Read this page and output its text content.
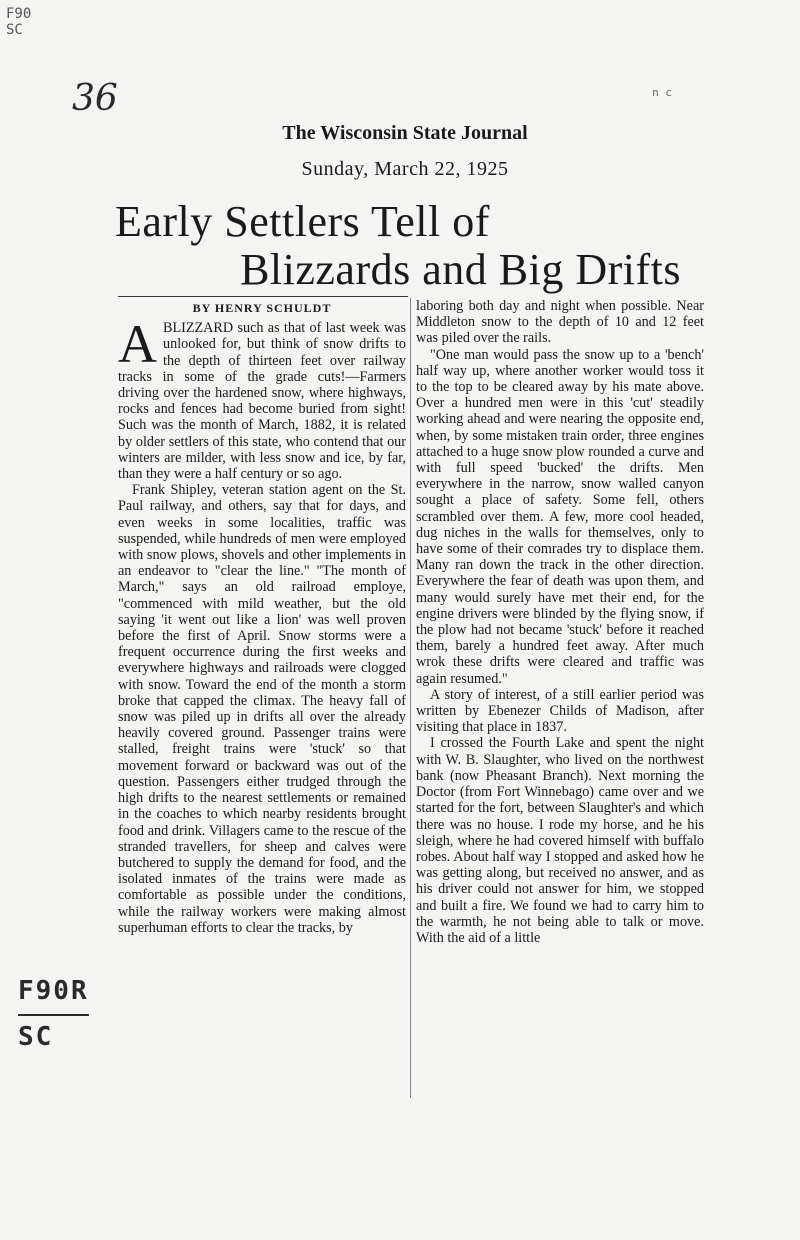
F90
SC
36	n c
The Wisconsin State Journal
Sunday, March 22, 1925
Early Settlers Tell of
Blizzards and Big Drifts
BY HENRY SCHULDT

ABLIZZARD such as that of last week was unlooked for, but think of snow drifts to the depth of thirteen feet over railway tracks in some of the grade cuts!—Farmers driving over the hardened snow, where highways, rocks and fences had become buried from sight! Such was the month of March, 1882, it is related by older settlers of this state, who contend that our winters are milder, with less snow and ice, by far, than they were a half century or so ago.

Frank Shipley, veteran station agent on the St. Paul railway, and others, say that for days, and even weeks in some localities, traffic was suspended, while hundreds of men were employed with snow plows, shovels and other implements in an endeavor to "clear the line." "The month of March," says an old railroad employe, "commenced with mild weather, but the old saying 'it went out like a lion' was well proven before the first of April. Snow storms were a frequent occurrence during the first weeks and everywhere highways and railroads were clogged with snow. Toward the end of the month a storm broke that capped the climax. The heavy fall of snow was piled up in drifts all over the already heavily covered ground. Passenger trains were stalled, freight trains were 'stuck' so that movement forward or backward was out of the question. Passengers either trudged through the high drifts to the nearest settlements or remained in the coaches to which nearby residents brought food and drink. Villagers came to the rescue of the stranded travellers, for sheep and calves were butchered to supply the demand for food, and the isolated inmates of the trains were made as comfortable as possible under the conditions, while the railway workers were making almost superhuman efforts to clear the tracks, by

laboring both day and night when possible. Near Middleton snow to the depth of 10 and 12 feet was piled over the rails.

"One man would pass the snow up to a 'bench' half way up, where another worker would toss it to the top to be cleared away by his mate above. Over a hundred men were in this 'cut' steadily working ahead and were nearing the opposite end, when, by some mistaken train order, three engines attached to a huge snow plow rounded a curve and with full speed 'bucked' the drifts. Men everywhere in the narrow, snow walled canyon sought a place of safety. Some fell, others scrambled over them. A few, more cool headed, dug niches in the walls for themselves, only to have some of their comrades try to displace them. Many ran down the track in the other direction. Everywhere the fear of death was upon them, and many would surely have met their end, for the engine drivers were blinded by the flying snow, if the plow had not became 'stuck' before it reached them, barely a hundred feet away. After much wrok these drifts were cleared and traffic was again resumed."

A story of interest, of a still earlier period was written by Ebenezer Childs of Madison, after visiting that place in 1837.

I crossed the Fourth Lake and spent the night with W. B. Slaughter, who lived on the northwest bank (now Pheasant Branch). Next morning the Doctor (from Fort Winnebago) came over and we started for the fort, between Slaughter's and which there was no house. I rode my horse, and he his sleigh, where he had covered himself with buffalo robes. About half way I stopped and asked how he was getting along, but received no answer, and as his driver could not answer for him, we stopped and built a fire. We found we had to carry him to the warmth, he not being able to talk or move. With the aid of a little

F90R
SC
